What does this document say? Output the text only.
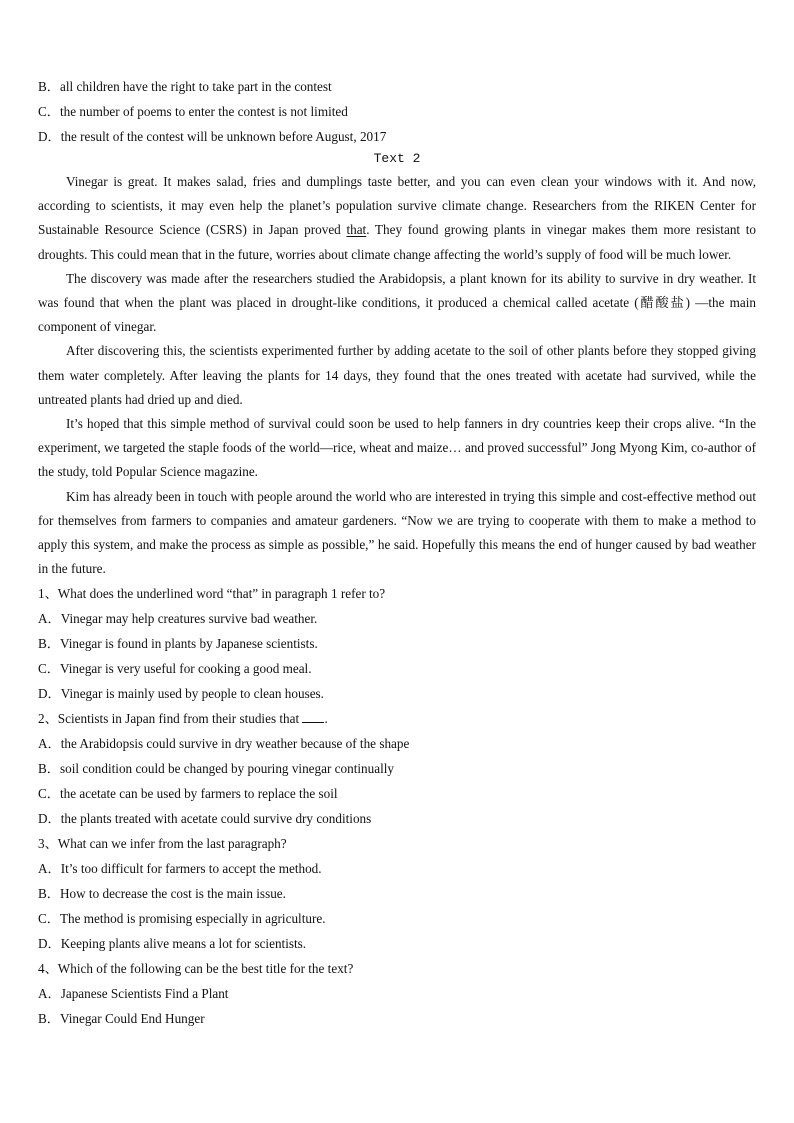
B．all children have the right to take part in the contest
C．the number of poems to enter the contest is not limited
D．the result of the contest will be unknown before August, 2017
Text 2

Vinegar is great. It makes salad, fries and dumplings taste better, and you can even clean your windows with it. And now, according to scientists, it may even help the planet’s population survive climate change. Researchers from the RIKEN Center for Sustainable Resource Science (CSRS) in Japan proved that. They found growing plants in vinegar makes them more resistant to droughts. This could mean that in the future, worries about climate change affecting the world’s supply of food will be much lower.

The discovery was made after the researchers studied the Arabidopsis, a plant known for its ability to survive in dry weather. It was found that when the plant was placed in drought-like conditions, it produced a chemical called acetate (醋酸盐) —the main component of vinegar.

After discovering this, the scientists experimented further by adding acetate to the soil of other plants before they stopped giving them water completely. After leaving the plants for 14 days, they found that the ones treated with acetate had survived, while the untreated plants had dried up and died.

It’s hoped that this simple method of survival could soon be used to help fanners in dry countries keep their crops alive. “In the experiment, we targeted the staple foods of the world—rice, wheat and maize… and proved successful” Jong Myong Kim, co-author of the study, told Popular Science magazine.

Kim has already been in touch with people around the world who are interested in trying this simple and cost-effective method out for themselves from farmers to companies and amateur gardeners. “Now we are trying to cooperate with them to make a method to apply this system, and make the process as simple as possible,” he said. Hopefully this means the end of hunger caused by bad weather in the future.

1、What does the underlined word “that” in paragraph 1 refer to?
A．Vinegar may help creatures survive bad weather.
B．Vinegar is found in plants by Japanese scientists.
C．Vinegar is very useful for cooking a good meal.
D．Vinegar is mainly used by people to clean houses.
2、Scientists in Japan find from their studies that .
A．the Arabidopsis could survive in dry weather because of the shape
B．soil condition could be changed by pouring vinegar continually
C．the acetate can be used by farmers to replace the soil
D．the plants treated with acetate could survive dry conditions
3、What can we infer from the last paragraph?
A．It’s too difficult for farmers to accept the method.
B．How to decrease the cost is the main issue.
C．The method is promising especially in agriculture.
D．Keeping plants alive means a lot for scientists.
4、Which of the following can be the best title for the text?
A．Japanese Scientists Find a Plant
B．Vinegar Could End Hunger
